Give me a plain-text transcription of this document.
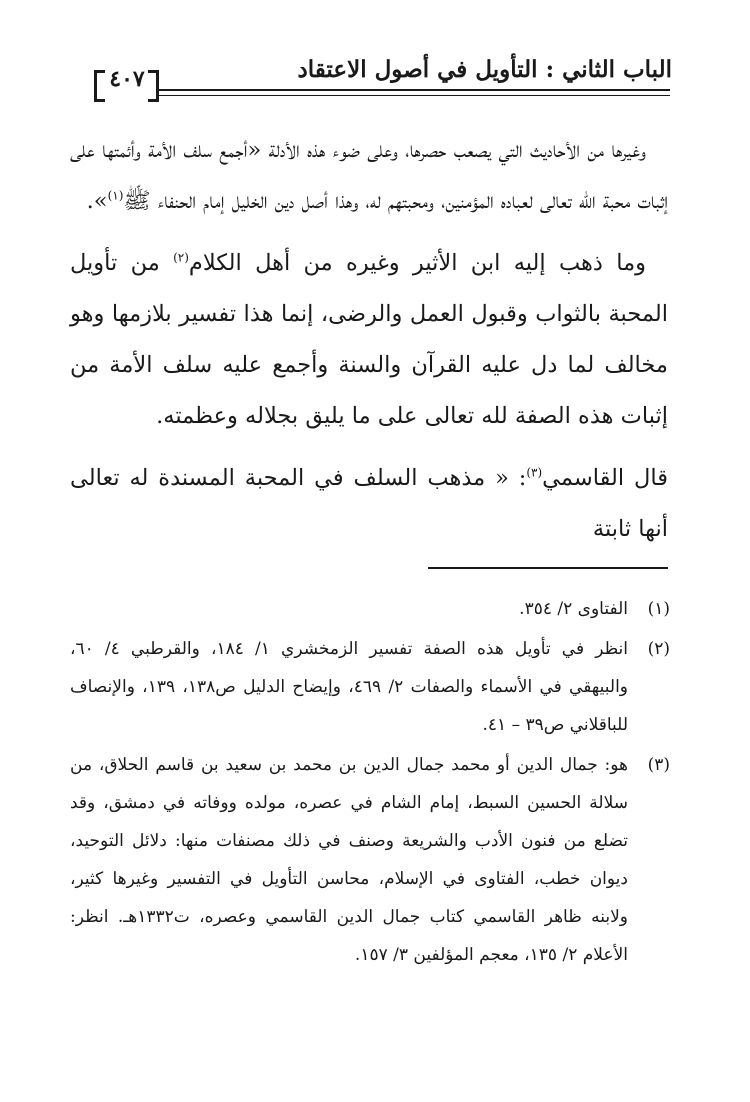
الباب الثاني : التأويل في أصول الاعتقاد
٤٠٧

وغيرها من الأحاديث التي يصعب حصرها، وعلى ضوء هذه الأدلة «أجمع سلف الأمة وأئمتها على إثبات محبة الله تعالى لعباده المؤمنين، ومحبتهم له، وهذا أصل دين الخليل إمام الحنفاء ﷺ$^{(١)}$».

وما ذهب إليه ابن الأثير وغيره من أهل الكلام$^{(٢)}$ من تأويل المحبة بالثواب وقبول العمل والرضى، إنما هذا تفسير بلازمها وهو مخالف لما دل عليه القرآن والسنة وأجمع عليه سلف الأمة من إثبات هذه الصفة لله تعالى على ما يليق بجلاله وعظمته.

قال القاسمي$^{(٣)}$: « مذهب السلف في المحبة المسندة له تعالى أنها ثابتة

(١)
الفتاوى ٢/ ٣٥٤.
(٢)
انظر في تأويل هذه الصفة تفسير الزمخشري ١/ ١٨٤، والقرطبي ٤/ ٦٠، والبيهقي في الأسماء والصفات ٢/ ٤٦٩، وإيضاح الدليل ص١٣٨، ١٣٩، والإنصاف للباقلاني ص٣٩ – ٤١.
(٣)
هو: جمال الدين أو محمد جمال الدين بن محمد بن سعيد بن قاسم الحلاق، من سلالة الحسين السبط، إمام الشام في عصره، مولده ووفاته في دمشق، وقد تضلع من فنون الأدب والشريعة وصنف في ذلك مصنفات منها: دلائل التوحيد، ديوان خطب، الفتاوى في الإسلام، محاسن التأويل في التفسير وغيرها كثير، ولابنه ظاهر القاسمي كتاب جمال الدين القاسمي وعصره، ت١٣٣٢هـ. انظر: الأعلام ٢/ ١٣٥، معجم المؤلفين ٣/ ١٥٧.
